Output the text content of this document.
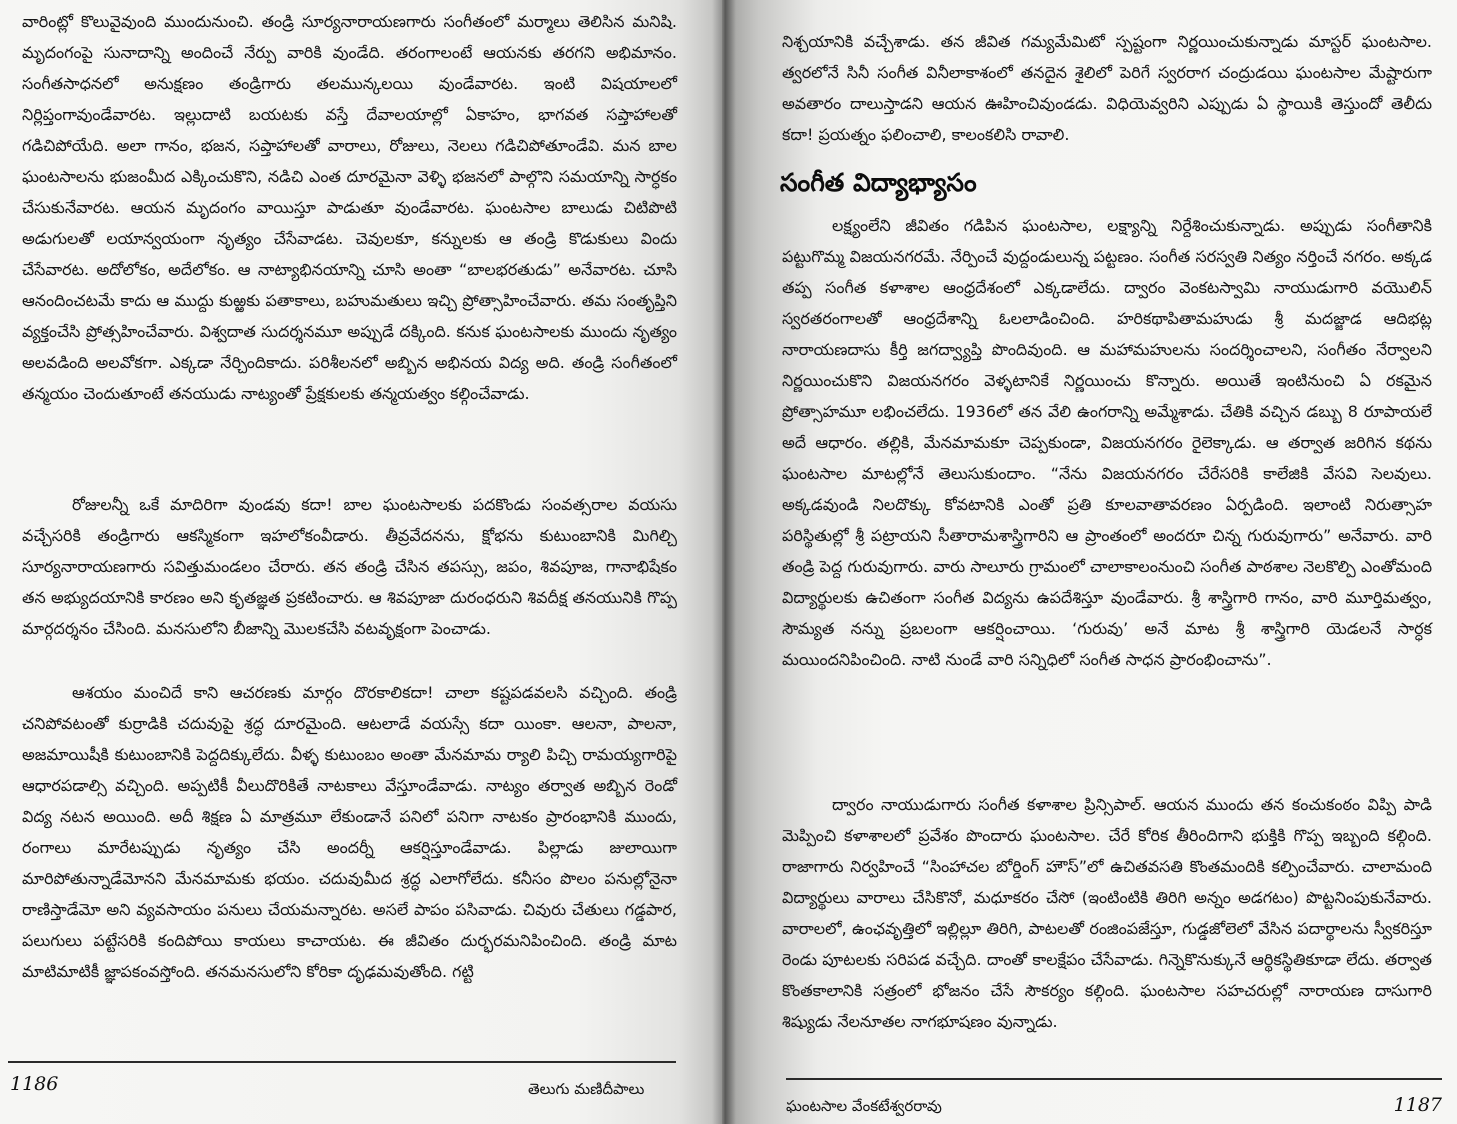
వారింట్లో కొలువైవుంది ముందునుంచి. తండ్రి సూర్యనారాయణగారు సంగీతంలో మర్మాలు తెలిసిన మనిషి. మృదంగంపై సునాదాన్ని అందించే నేర్పు వారికి వుండేది. తరంగాలంటే ఆయనకు తరగని అభిమానం. సంగీతసాధనలో అనుక్షణం తండ్రిగారు తలమున్కలయి వుండేవారట. ఇంటి విషయాలలో నిర్లిప్తంగావుండేవారట. ఇల్లుదాటి బయటకు వస్తే దేవాలయాల్లో ఏకాహం, భాగవత సప్తాహాలతో గడిచిపోయేది. అలా గానం, భజన, సప్తాహాలతో వారాలు, రోజులు, నెలలు గడిచిపోతూండేవి. మన బాల ఘంటసాలను భుజంమీద ఎక్కించుకొని, నడిచి ఎంత దూరమైనా వెళ్ళి భజనలో పాల్గొని సమయాన్ని సార్ధకం చేసుకునేవారట. ఆయన మృదంగం వాయిస్తూ పాడుతూ వుండేవారట. ఘంటసాల బాలుడు చిటిపొటి అడుగులతో లయాన్వయంగా నృత్యం చేసేవాడట. చెవులకూ, కన్నులకు ఆ తండ్రి కొడుకులు విందు చేసేవారట. అదోలోకం, అదేలోకం. ఆ నాట్యాభినయాన్ని చూసి అంతా “బాలభరతుడు” అనేవారట. చూసి ఆనందించటమే కాదు ఆ ముద్దు కుఱ్ఱకు పతాకాలు, బహుమతులు ఇచ్చి ప్రోత్సాహించేవారు. తమ సంతృప్తిని వ్యక్తంచేసి ప్రోత్సహించేవారు. విశ్వదాత సుదర్శనమూ అప్పుడే దక్కింది. కనుక ఘంటసాలకు ముందు నృత్యం అలవడింది అలవోకగా. ఎక్కడా నేర్చిందికాదు. పరిశీలనలో అబ్బిన అభినయ విద్య అది. తండ్రి సంగీతంలో తన్మయం చెందుతూంటే తనయుడు నాట్యంతో ప్రేక్షకులకు తన్మయత్వం కల్గించేవాడు.

రోజులన్నీ ఒకే మాదిరిగా వుండవు కదా! బాల ఘంటసాలకు పదకొండు సంవత్సరాల వయసు వచ్చేసరికి తండ్రిగారు ఆకస్మికంగా ఇహలోకంవీడారు. తీవ్రవేదనను, క్షోభను కుటుంబానికి మిగిల్చి సూర్యనారాయణగారు సవిత్తుమండలం చేరారు. తన తండ్రి చేసిన తపస్సు, జపం, శివపూజ, గానాభిషేకం తన అభ్యుదయానికి కారణం అని కృతజ్ఞత ప్రకటించారు. ఆ శివపూజా దురంధరుని శివదీక్ష తనయునికి గొప్ప మార్గదర్శనం చేసింది. మనసులోని బీజాన్ని మొలకచేసి వటవృక్షంగా పెంచాడు.

ఆశయం మంచిదే కాని ఆచరణకు మార్గం దొరకాలికదా! చాలా కష్టపడవలసి వచ్చింది. తండ్రి చనిపోవటంతో కుర్రాడికి చదువుపై శ్రద్ధ దూరమైంది. ఆటలాడే వయస్సే కదా యింకా. ఆలనా, పాలనా, అజమాయిషీకి కుటుంబానికి పెద్దదిక్కులేదు. వీళ్ళ కుటుంబం అంతా మేనమామ ర్యాలి పిచ్చి రామయ్యగారిపై ఆధారపడాల్సి వచ్చింది. అప్పటికీ వీలుదొరికితే నాటకాలు వేస్తూండేవాడు. నాట్యం తర్వాత అబ్బిన రెండో విద్య నటన అయింది. అదీ శిక్షణ ఏ మాత్రమూ లేకుండానే పనిలో పనిగా నాటకం ప్రారంభానికి ముందు, రంగాలు మారేటప్పుడు నృత్యం చేసి అందర్నీ ఆకర్షిస్తూండేవాడు. పిల్లాడు జులాయిగా మారిపోతున్నాడేమోనని మేనమామకు భయం. చదువుమీద శ్రద్ధ ఎలాగోలేదు. కనీసం పొలం పనుల్లోనైనా రాణిస్తాడేమో అని వ్యవసాయం పనులు చేయమన్నారట. అసలే పాపం పసివాడు. చివురు చేతులు గడ్డపార, పలుగులు పట్టేసరికి కందిపోయి కాయలు కాచాయట. ఈ జీవితం దుర్భరమనిపించింది. తండ్రి మాట మాటిమాటికీ జ్ఞాపకంవస్తోంది. తనమనసులోని కోరికా దృఢమవుతోంది. గట్టి

1186	తెలుగు మణిదీపాలు

నిశ్చయానికి వచ్చేశాడు. తన జీవిత గమ్యమేమిటో స్పష్టంగా నిర్ణయించుకున్నాడు మాస్టర్ ఘంటసాల. త్వరలోనే సినీ సంగీత వినీలాకాశంలో తనదైన శైలిలో పెరిగే స్వరరాగ చంద్రుడయి ఘంటసాల మేష్టారుగా అవతారం దాలుస్తాడని ఆయన ఊహించివుండడు. విధియెవ్వరిని ఎప్పుడు ఏ స్థాయికి తెస్తుందో తెలీదు కదా! ప్రయత్నం ఫలించాలి, కాలంకలిసి రావాలి.

సంగీత విద్యాభ్యాసం

లక్ష్యంలేని జీవితం గడిపిన ఘంటసాల, లక్ష్యాన్ని నిర్దేశించుకున్నాడు. అప్పుడు సంగీతానికి పట్టుగొమ్మ విజయనగరమే. నేర్పించే వుద్దండులున్న పట్టణం. సంగీత సరస్వతి నిత్యం నర్తించే నగరం. అక్కడ తప్ప సంగీత కళాశాల ఆంధ్రదేశంలో ఎక్కడాలేదు. ద్వారం వెంకటస్వామి నాయుడుగారి వయొలిన్ స్వరతరంగాలతో ఆంధ్రదేశాన్ని ఓలలాడించింది. హరికథాపితామహుడు శ్రీ మదజ్జాడ ఆదిభట్ల నారాయణదాసు కీర్తి జగద్వ్యాప్తి పొందివుంది. ఆ మహామహులను సందర్శించాలని, సంగీతం నేర్వాలని నిర్ణయించుకొని విజయనగరం వెళ్ళటానికే నిర్ణయించు కొన్నారు. అయితే ఇంటినుంచి ఏ రకమైన ప్రోత్సాహమూ లభించలేదు. 1936లో తన వేలి ఉంగరాన్ని అమ్మేశాడు. చేతికి వచ్చిన డబ్బు 8 రూపాయలే అదే ఆధారం. తల్లికి, మేనమామకూ చెప్పకుండా, విజయనగరం రైలెక్కాడు. ఆ తర్వాత జరిగిన కథను ఘంటసాల మాటల్లోనే తెలుసుకుందాం. “నేను విజయనగరం చేరేసరికి కాలేజికి వేసవి సెలవులు. అక్కడవుండి నిలదొక్కు కోవటానికి ఎంతో ప్రతి కూలవాతావరణం ఏర్పడింది. ఇలాంటి నిరుత్సాహ పరిస్థితుల్లో శ్రీ పట్రాయని సీతారామశాస్త్రిగారిని ఆ ప్రాంతంలో అందరూ చిన్న గురువుగారు” అనేవారు. వారి తండ్రి పెద్ద గురువుగారు. వారు సాలూరు గ్రామంలో చాలాకాలంనుంచి సంగీత పాఠశాల నెలకొల్పి ఎంతోమంది విద్యార్థులకు ఉచితంగా సంగీత విద్యను ఉపదేశిస్తూ వుండేవారు. శ్రీ శాస్త్రిగారి గానం, వారి మూర్తిమత్వం, సౌమ్యత నన్ను ప్రబలంగా ఆకర్షించాయి. ‘గురువు’ అనే మాట శ్రీ శాస్త్రిగారి యెడలనే సార్ధక మయిందనిపించింది. నాటి నుండే వారి సన్నిధిలో సంగీత సాధన ప్రారంభించాను”.

ద్వారం నాయుడుగారు సంగీత కళాశాల ప్రిన్సిపాల్. ఆయన ముందు తన కంచుకంఠం విప్పి పాడి మెప్పించి కళాశాలలో ప్రవేశం పొందారు ఘంటసాల. చేరే కోరిక తీరిందిగాని భుక్తికి గొప్ప ఇబ్బంది కల్గింది. రాజాగారు నిర్వహించే “సింహాచల బోర్డింగ్ హౌస్”లో ఉచితవసతి కొంతమందికి కల్పించేవారు. చాలామంది విద్యార్థులు వారాలు చేసికొనో, మధూకరం చేసో (ఇంటింటికి తిరిగి అన్నం అడగటం) పొట్టనింపుకునేవారు. వారాలలో, ఉంఛవృత్తిలో ఇల్లిల్లూ తిరిగి, పాటలతో రంజింపజేస్తూ, గుడ్డజోలెలో వేసిన పదార్థాలను స్వీకరిస్తూ రెండు పూటలకు సరిపడ వచ్చేది. దాంతో కాలక్షేపం చేసేవాడు. గిన్నెకొనుక్కునే ఆర్థికస్థితికూడా లేదు. తర్వాత కొంతకాలానికి సత్రంలో భోజనం చేసే సౌకర్యం కల్గింది. ఘంటసాల సహచరుల్లో నారాయణ దాసుగారి శిష్యుడు నేలనూతల నాగభూషణం వున్నాడు.

ఘంటసాల వేంకటేశ్వరరావు	1187
